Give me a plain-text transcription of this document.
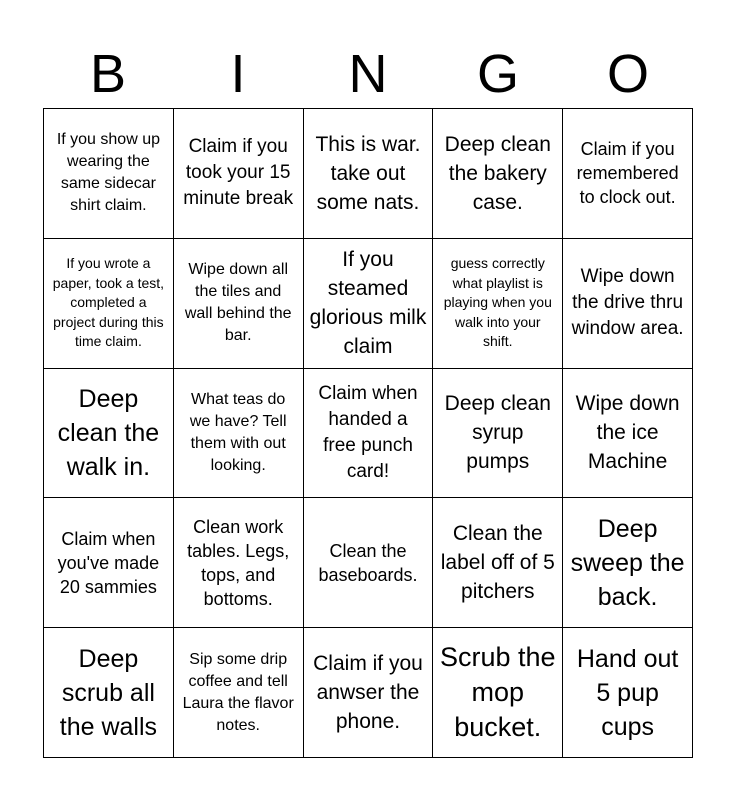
B	I	N	G	O
If you show up wearing the same sidecar shirt claim.
Claim if you took your 15 minute break
This is war. take out some nats.
Deep clean the bakery case.
Claim if you remembered to clock out.
If you wrote a paper, took a test, completed a project during this time claim.
Wipe down all the tiles and wall behind the bar.
If you steamed glorious milk claim
guess correctly what playlist is playing when you walk into your shift.
Wipe down the drive thru window area.
Deep clean the walk in.
What teas do we have? Tell them with out looking.
Claim when handed a free punch card!
Deep clean syrup pumps
Wipe down the ice Machine
Claim when you've made 20 sammies
Clean work tables. Legs, tops, and bottoms.
Clean the baseboards.
Clean the label off of 5 pitchers
Deep sweep the back.
Deep scrub all the walls
Sip some drip coffee and tell Laura the flavor notes.
Claim if you anwser the phone.
Scrub the mop bucket.
Hand out 5 pup cups
